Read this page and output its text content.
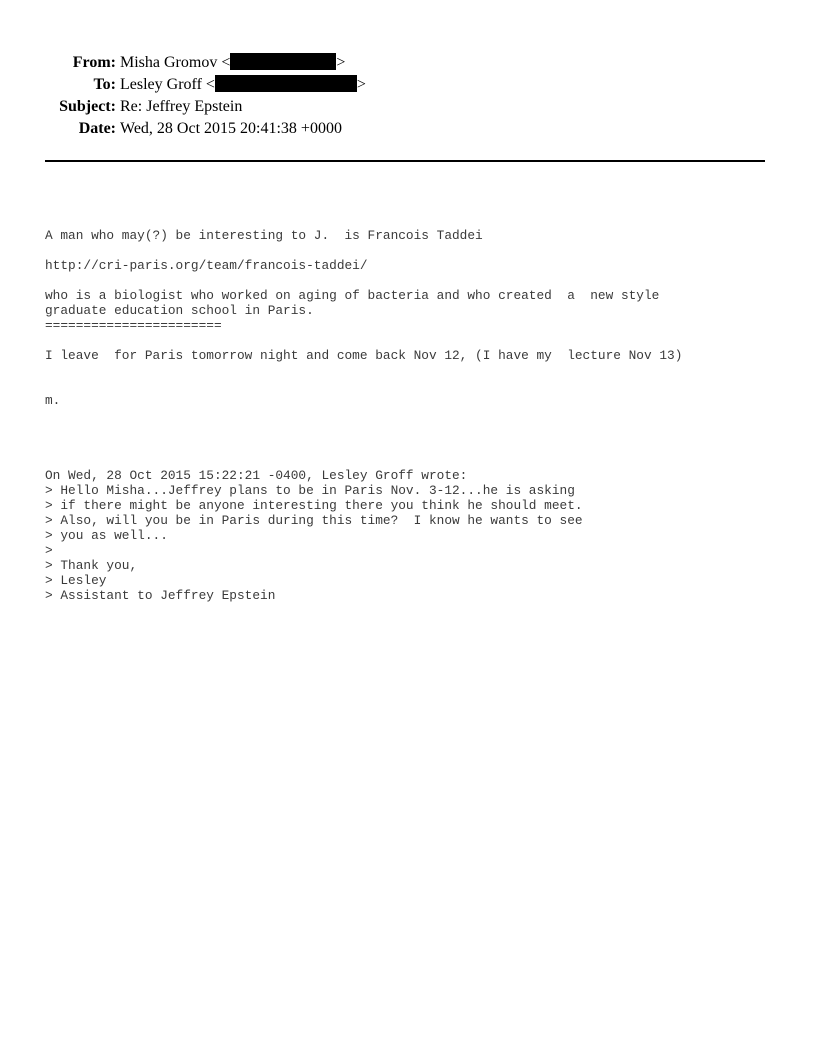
From: Misha Gromov <	>
To: Lesley Groff <	>
Subject: Re: Jeffrey Epstein
Date: Wed, 28 Oct 2015 20:41:38 +0000

A man who may(?) be interesting to J.  is Francois Taddei

http://cri-paris.org/team/francois-taddei/

who is a biologist who worked on aging of bacteria and who created  a  new style

graduate education school in Paris.

=======================

I leave  for Paris tomorrow night and come back Nov 12, (I have my  lecture Nov 13)

m.

On Wed, 28 Oct 2015 15:22:21 -0400, Lesley Groff wrote:

> Hello Misha...Jeffrey plans to be in Paris Nov. 3-12...he is asking

> if there might be anyone interesting there you think he should meet.

> Also, will you be in Paris during this time?  I know he wants to see

> you as well...

>

> Thank you,

> Lesley

> Assistant to Jeffrey Epstein
